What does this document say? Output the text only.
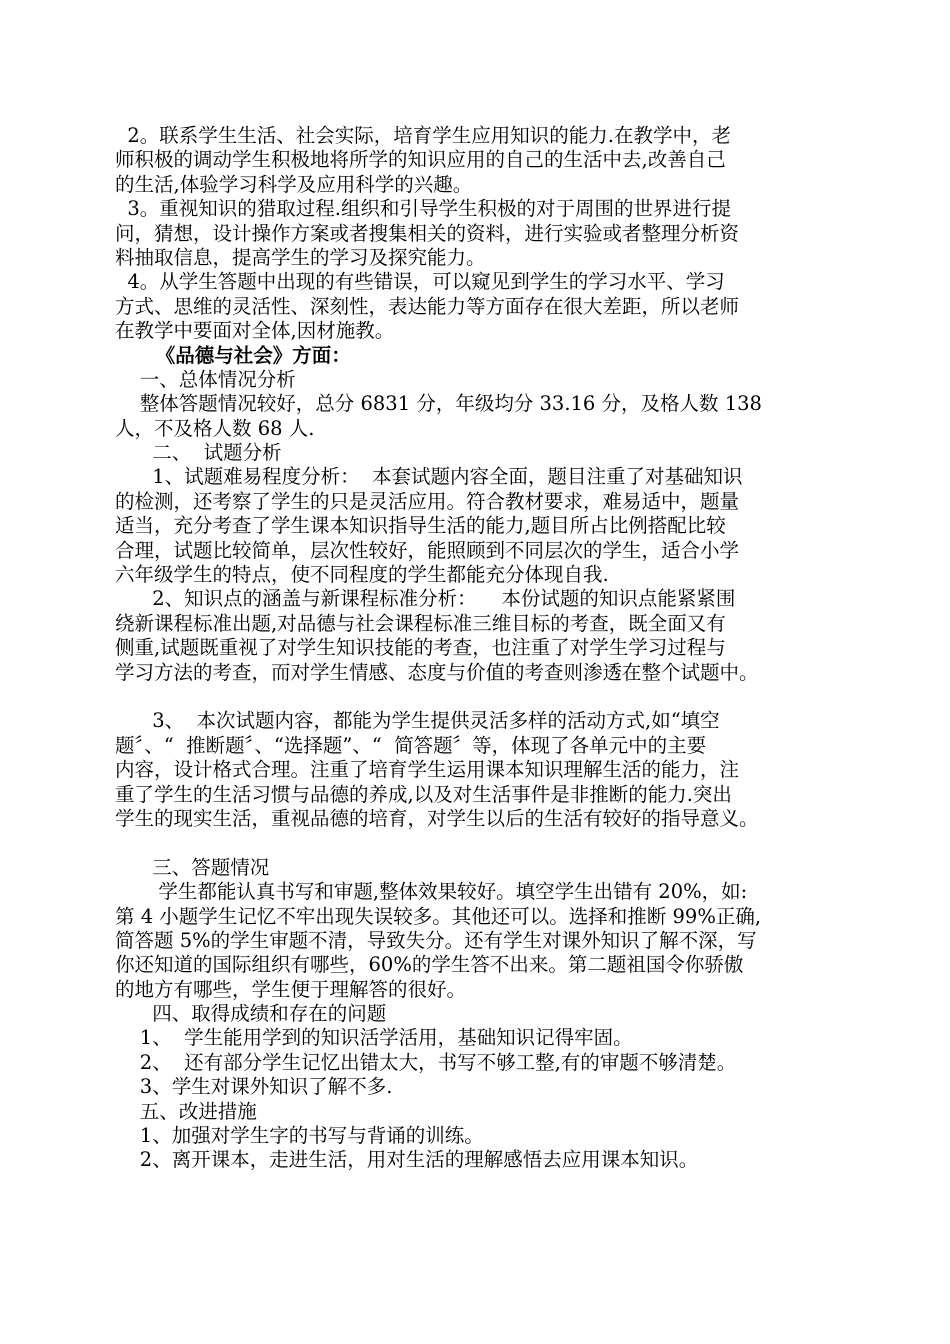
2。联系学生生活、社会实际，培育学生应用知识的能力.在教学中，老
师积极的调动学生积极地将所学的知识应用的自己的生活中去,改善自己
的生活,体验学习科学及应用科学的兴趣。
3。重视知识的猎取过程.组织和引导学生积极的对于周围的世界进行提
问，猜想，设计操作方案或者搜集相关的资料，进行实验或者整理分析资
料抽取信息，提高学生的学习及探究能力。
4。从学生答题中出现的有些错误，可以窥见到学生的学习水平、学习
方式、思维的灵活性、深刻性，表达能力等方面存在很大差距，所以老师
在教学中要面对全体,因材施教。
《品德与社会》方面：
一、总体情况分析
整体答题情况较好，总分 6831 分，年级均分 33.16 分，及格人数 138
人，不及格人数 68 人.
二、  试题分析
1、试题难易程度分析：  本套试题内容全面，题目注重了对基础知识
的检测，还考察了学生的只是灵活应用。符合教材要求，难易适中，题量
适当，充分考查了学生课本知识指导生活的能力,题目所占比例搭配比较
合理，试题比较简单，层次性较好，能照顾到不同层次的学生，适合小学
六年级学生的特点，使不同程度的学生都能充分体现自我.
2、知识点的涵盖与新课程标准分析：    本份试题的知识点能紧紧围
绕新课程标准出题,对品德与社会课程标准三维目标的考查，既全面又有
侧重,试题既重视了对学生知识技能的考查，也注重了对学生学习过程与
学习方法的考查，而对学生情感、态度与价值的考查则渗透在整个试题中。
3、  本次试题内容，都能为学生提供灵活多样的活动方式,如“填空
题〞、“  推断题〞、“选择题”、“  简答题〞等，体现了各单元中的主要
内容，设计格式合理。注重了培育学生运用课本知识理解生活的能力，注
重了学生的生活习惯与品德的养成,以及对生活事件是非推断的能力.突出
学生的现实生活，重视品德的培育，对学生以后的生活有较好的指导意义。
三、答题情况
学生都能认真书写和审题,整体效果较好。填空学生出错有 20%，如:
第 4 小题学生记忆不牢出现失误较多。其他还可以。选择和推断 99%正确,
简答题 5%的学生审题不清，导致失分。还有学生对课外知识了解不深，写
你还知道的国际组织有哪些，60%的学生答不出来。第二题祖国令你骄傲
的地方有哪些，学生便于理解答的很好。
四、取得成绩和存在的问题
1、  学生能用学到的知识活学活用，基础知识记得牢固。
2、  还有部分学生记忆出错太大，书写不够工整,有的审题不够清楚。
3、学生对课外知识了解不多.
五、改进措施
1、加强对学生字的书写与背诵的训练。
2、离开课本，走进生活，用对生活的理解感悟去应用课本知识。
